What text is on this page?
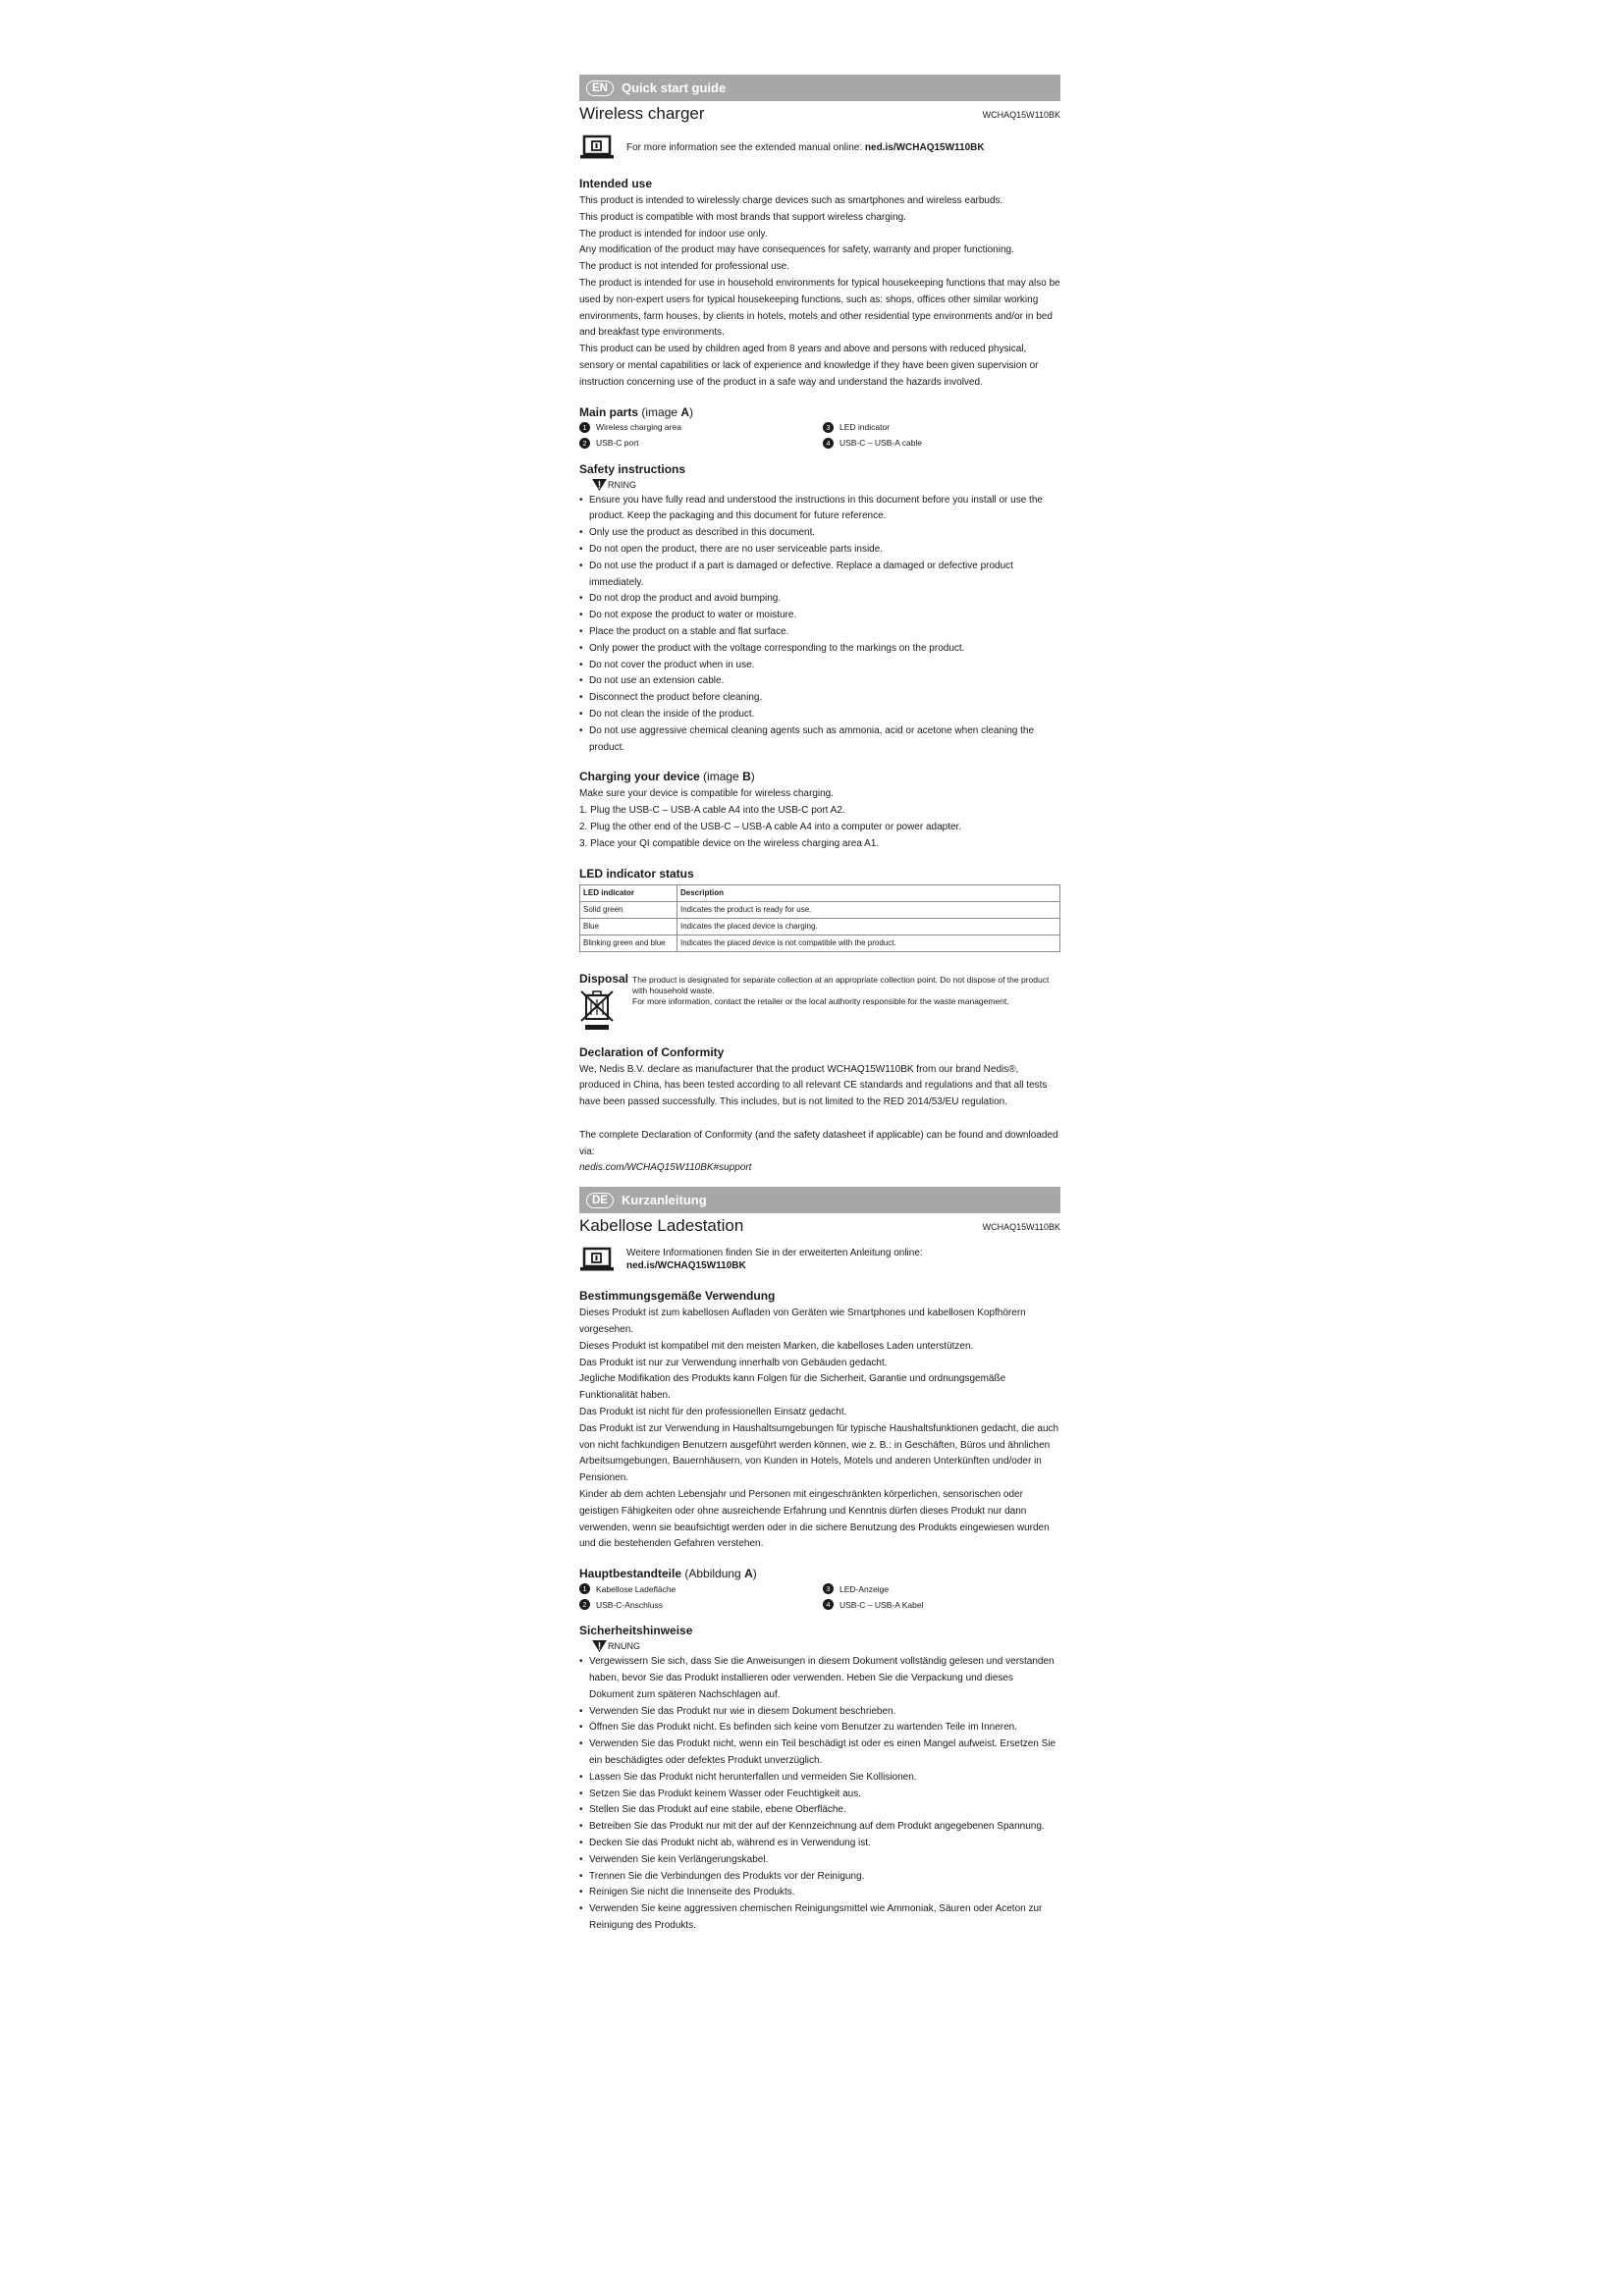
EN	Quick start guide
Wireless charger	WCHAQ15W110BK
For more information see the extended manual online: ned.is/WCHAQ15W110BK
Intended use

This product is intended to wirelessly charge devices such as smartphones and wireless earbuds.

This product is compatible with most brands that support wireless charging.

The product is intended for indoor use only.

Any modification of the product may have consequences for safety, warranty and proper functioning.

The product is not intended for professional use.

The product is intended for use in household environments for typical housekeeping functions that may also be used by non-expert users for typical housekeeping functions, such as: shops, offices other similar working environments, farm houses, by clients in hotels, motels and other residential type environments and/or in bed and breakfast type environments.

This product can be used by children aged from 8 years and above and persons with reduced physical, sensory or mental capabilities or lack of experience and knowledge if they have been given supervision or instruction concerning use of the product in a safe way and understand the hazards involved.

Main parts (image A)
1	Wireless charging area	3	LED indicator
2	USB-C port	4	USB-C – USB-A cable
Safety instructions
RNING
• Ensure you have fully read and understood the instructions in this document before you install or use the product. Keep the packaging and this document for future reference.
• Only use the product as described in this document.
• Do not open the product, there are no user serviceable parts inside.
• Do not use the product if a part is damaged or defective. Replace a damaged or defective product immediately.
• Do not drop the product and avoid bumping.
• Do not expose the product to water or moisture.
• Place the product on a stable and flat surface.
• Only power the product with the voltage corresponding to the markings on the product.
• Do not cover the product when in use.
• Do not use an extension cable.
• Disconnect the product before cleaning.
• Do not clean the inside of the product.
• Do not use aggressive chemical cleaning agents such as ammonia, acid or acetone when cleaning the product.
Charging your device (image B)

Make sure your device is compatible for wireless charging.

1. Plug the USB-C – USB-A cable A4 into the USB-C port A2.
2. Plug the other end of the USB-C – USB-A cable A4 into a computer or power adapter.
3. Place your QI compatible device on the wireless charging area A1.
LED indicator status
LED indicator	Description
Solid green	Indicates the product is ready for use.
Blue	Indicates the placed device is charging.
Blinking green and blue	Indicates the placed device is not compatible with the product.
Disposal The product is designated for separate collection at an appropriate collection point. Do not dispose of the product with household waste.
For more information, contact the retailer or the local authority responsible for the waste management.
Declaration of Conformity

We, Nedis B.V. declare as manufacturer that the product WCHAQ15W110BK from our brand Nedis®, produced in China, has been tested according to all relevant CE standards and regulations and that all tests have been passed successfully. This includes, but is not limited to the RED 2014/53/EU regulation.

The complete Declaration of Conformity (and the safety datasheet if applicable) can be found and downloaded via:

nedis.com/WCHAQ15W110BK#support
DE	Kurzanleitung
Kabellose Ladestation	WCHAQ15W110BK
Weitere Informationen finden Sie in der erweiterten Anleitung online:
ned.is/WCHAQ15W110BK
Bestimmungsgemäße Verwendung

Dieses Produkt ist zum kabellosen Aufladen von Geräten wie Smartphones und kabellosen Kopfhörern vorgesehen.

Dieses Produkt ist kompatibel mit den meisten Marken, die kabelloses Laden unterstützen.

Das Produkt ist nur zur Verwendung innerhalb von Gebäuden gedacht.

Jegliche Modifikation des Produkts kann Folgen für die Sicherheit, Garantie und ordnungsgemäße Funktionalität haben.

Das Produkt ist nicht für den professionellen Einsatz gedacht.

Das Produkt ist zur Verwendung in Haushaltsumgebungen für typische Haushaltsfunktionen gedacht, die auch von nicht fachkundigen Benutzern ausgeführt werden können, wie z. B.: in Geschäften, Büros und ähnlichen Arbeitsumgebungen, Bauernhäusern, von Kunden in Hotels, Motels und anderen Unterkünften und/oder in Pensionen.

Kinder ab dem achten Lebensjahr und Personen mit eingeschränkten körperlichen, sensorischen oder geistigen Fähigkeiten oder ohne ausreichende Erfahrung und Kenntnis dürfen dieses Produkt nur dann verwenden, wenn sie beaufsichtigt werden oder in die sichere Benutzung des Produkts eingewiesen wurden und die bestehenden Gefahren verstehen.

Hauptbestandteile (Abbildung A)
1	Kabellose Ladefläche	3	LED-Anzeige
2	USB-C-Anschluss	4	USB-C – USB-A Kabel
Sicherheitshinweise
RNUNG
• Vergewissern Sie sich, dass Sie die Anweisungen in diesem Dokument vollständig gelesen und verstanden haben, bevor Sie das Produkt installieren oder verwenden. Heben Sie die Verpackung und dieses Dokument zum späteren Nachschlagen auf.
• Verwenden Sie das Produkt nur wie in diesem Dokument beschrieben.
• Öffnen Sie das Produkt nicht. Es befinden sich keine vom Benutzer zu wartenden Teile im Inneren.
• Verwenden Sie das Produkt nicht, wenn ein Teil beschädigt ist oder es einen Mangel aufweist. Ersetzen Sie ein beschädigtes oder defektes Produkt unverzüglich.
• Lassen Sie das Produkt nicht herunterfallen und vermeiden Sie Kollisionen.
• Setzen Sie das Produkt keinem Wasser oder Feuchtigkeit aus.
• Stellen Sie das Produkt auf eine stabile, ebene Oberfläche.
• Betreiben Sie das Produkt nur mit der auf der Kennzeichnung auf dem Produkt angegebenen Spannung.
• Decken Sie das Produkt nicht ab, während es in Verwendung ist.
• Verwenden Sie kein Verlängerungskabel.
• Trennen Sie die Verbindungen des Produkts vor der Reinigung.
• Reinigen Sie nicht die Innenseite des Produkts.
• Verwenden Sie keine aggressiven chemischen Reinigungsmittel wie Ammoniak, Säuren oder Aceton zur Reinigung des Produkts.
